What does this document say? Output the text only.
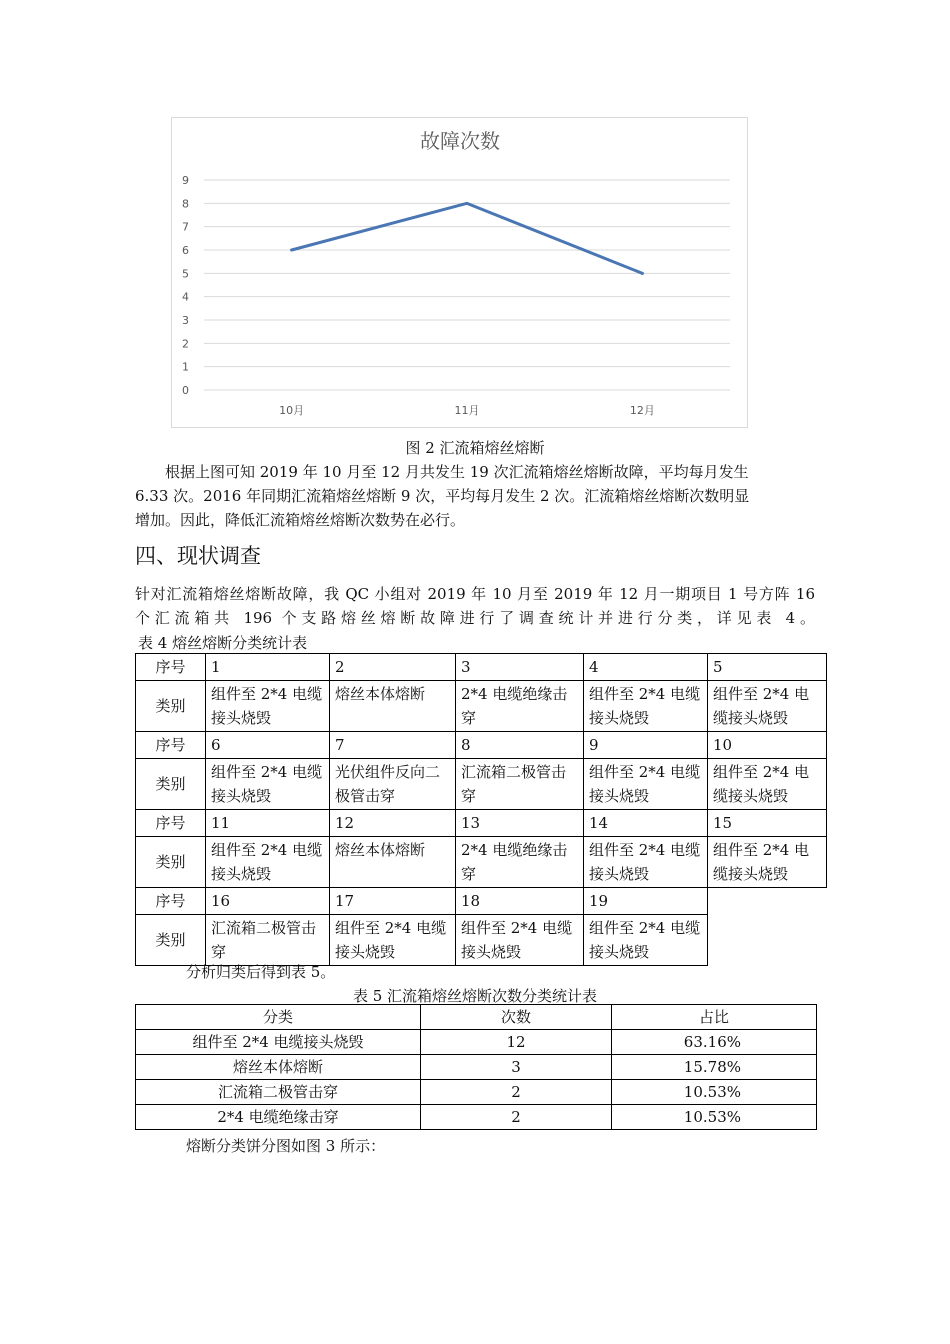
故障次数
0
1
2
3
4
5
6
7
8
9
10月	11月	12月
图 2 汇流箱熔丝熔断
根据上图可知 2019 年 10 月至 12 月共发生 19 次汇流箱熔丝熔断故障，平均每月发生
6.33 次。2016 年同期汇流箱熔丝熔断 9 次，平均每月发生 2 次。汇流箱熔丝熔断次数明显
增加。因此，降低汇流箱熔丝熔断次数势在必行。
四、现状调查
针对汇流箱熔丝熔断故障，我 QC 小组对 2019 年 10 月至 2019 年 12 月一期项目 1 号方阵 16
个汇流箱共 196 个支路熔丝熔断故障进行了调查统计并进行分类，详见表 4。
表 4 熔丝熔断分类统计表
序号	1	2	3	4	5
类别	组件至 2*4 电缆接头烧毁	熔丝本体熔断	2*4 电缆绝缘击穿	组件至 2*4 电缆接头烧毁	组件至 2*4 电缆接头烧毁
序号	6	7	8	9	10
类别	组件至 2*4 电缆接头烧毁	光伏组件反向二极管击穿	汇流箱二极管击穿	组件至 2*4 电缆接头烧毁	组件至 2*4 电缆接头烧毁
序号	11	12	13	14	15
类别	组件至 2*4 电缆接头烧毁	熔丝本体熔断	2*4 电缆绝缘击穿	组件至 2*4 电缆接头烧毁	组件至 2*4 电缆接头烧毁
序号	16	17	18	19	
类别	汇流箱二极管击穿	组件至 2*4 电缆接头烧毁	组件至 2*4 电缆接头烧毁	组件至 2*4 电缆接头烧毁	
分析归类后得到表 5。
表 5 汇流箱熔丝熔断次数分类统计表
分类	次数	占比
组件至 2*4 电缆接头烧毁	12	63.16%
熔丝本体熔断	3	15.78%
汇流箱二极管击穿	2	10.53%
2*4 电缆绝缘击穿	2	10.53%
熔断分类饼分图如图 3 所示：
